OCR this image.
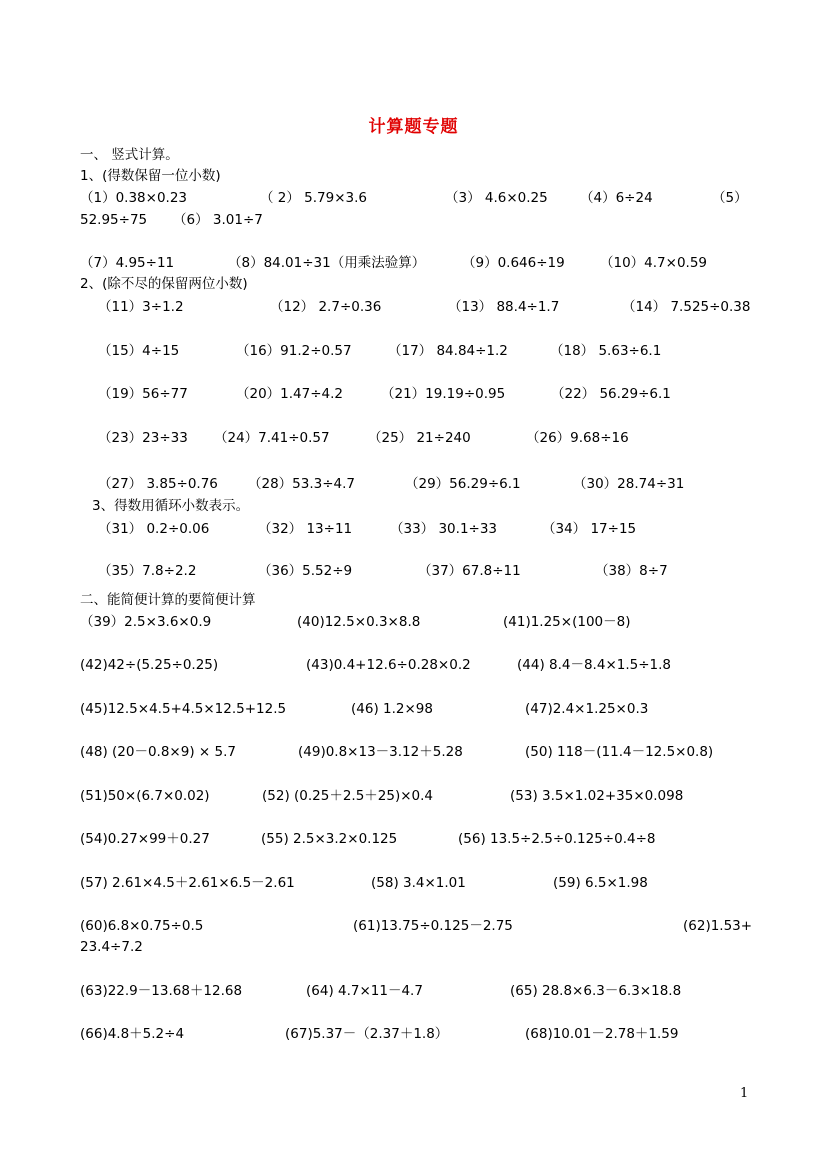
计算题专题
一、 竖式计算。
1、(得数保留一位小数)
（1）0.38×0.23	（ 2） 5.79×3.6	（3） 4.6×0.25 （4）6÷24	（5）
52.95÷75 （6） 3.01÷7
（7）4.95÷11	（8）84.01÷31（用乘法验算）	（9）0.646÷19	（10）4.7×0.59
2、(除不尽的保留两位小数)
（11）3÷1.2	（12） 2.7÷0.36	（13） 88.4÷1.7	（14） 7.525÷0.38
（15）4÷15	（16）91.2÷0.57	（17） 84.84÷1.2	（18） 5.63÷6.1
（19）56÷77	（20）1.47÷4.2	（21）19.19÷0.95	（22） 56.29÷6.1
（23）23÷33 （24）7.41÷0.57	（25） 21÷240	（26）9.68÷16
（27） 3.85÷0.76 （28）53.3÷4.7	（29）56.29÷6.1	（30）28.74÷31
3、得数用循环小数表示。
（31） 0.2÷0.06	（32） 13÷11	（33） 30.1÷33	（34） 17÷15
（35）7.8÷2.2	（36）5.52÷9	（37）67.8÷11	（38）8÷7
二、能简便计算的要简便计算
（39）2.5×3.6×0.9	(40)12.5×0.3×8.8	(41)1.25×(100－8)
(42)42÷(5.25÷0.25)	(43)0.4+12.6÷0.28×0.2	(44) 8.4－8.4×1.5÷1.8
(45)12.5×4.5+4.5×12.5+12.5	(46) 1.2×98	(47)2.4×1.25×0.3
(48) (20－0.8×9) × 5.7	(49)0.8×13－3.12＋5.28	(50) 118－(11.4－12.5×0.8)
(51)50×(6.7×0.02)	(52) (0.25＋2.5＋25)×0.4	(53) 3.5×1.02+35×0.098
(54)0.27×99＋0.27	(55) 2.5×3.2×0.125	(56) 13.5÷2.5÷0.125÷0.4÷8
(57) 2.61×4.5＋2.61×6.5－2.61	(58) 3.4×1.01	(59) 6.5×1.98
(60)6.8×0.75÷0.5	(61)13.75÷0.125－2.75	(62)1.53+
23.4÷7.2
(63)22.9－13.68＋12.68	(64) 4.7×11－4.7	(65) 28.8×6.3－6.3×18.8
(66)4.8＋5.2÷4	(67)5.37－（2.37＋1.8）	(68)10.01－2.78＋1.59
1
